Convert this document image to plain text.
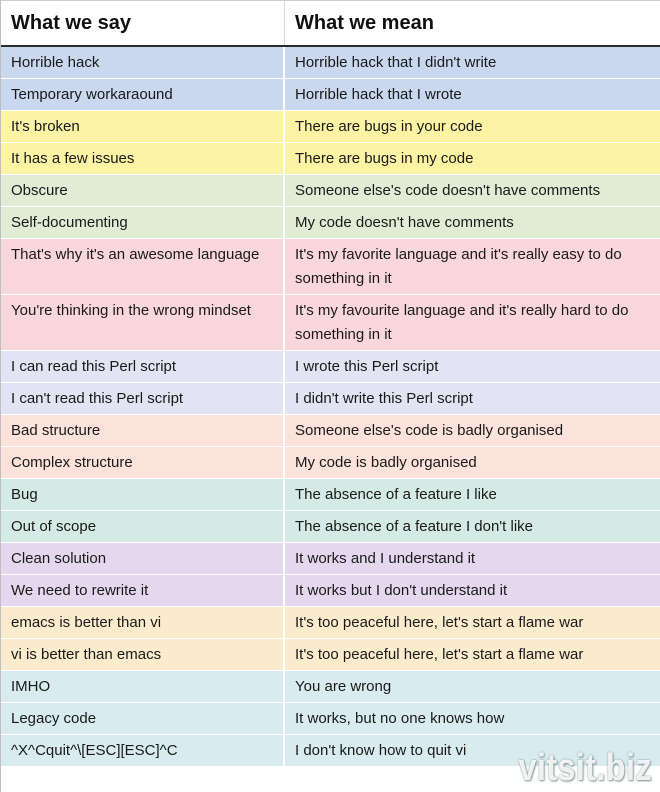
What we say	What we mean
Horrible hack	Horrible hack that I didn't write
Temporary workaraound	Horrible hack that I wrote
It's broken	There are bugs in your code
It has a few issues	There are bugs in my code
Obscure	Someone else's code doesn't have comments
Self-documenting	My code doesn't have comments
That's why it's an awesome language	It's my favorite language and it's really easy to do something in it
You're thinking in the wrong mindset	It's my favourite language and it's really hard to do something in it
I can read this Perl script	I wrote this Perl script
I can't read this Perl script	I didn't write this Perl script
Bad structure	Someone else's code is badly organised
Complex structure	My code is badly organised
Bug	The absence of a feature I like
Out of scope	The absence of a feature I don't like
Clean solution	It works and I understand it
We need to rewrite it	It works but I don't understand it
emacs is better than vi	It's too peaceful here, let's start a flame war
vi is better than emacs	It's too peaceful here, let's start a flame war
IMHO	You are wrong
Legacy code	It works, but no one knows how
^X^Cquit^\[ESC][ESC]^C	I don't know how to quit vi	vitsit.biz
